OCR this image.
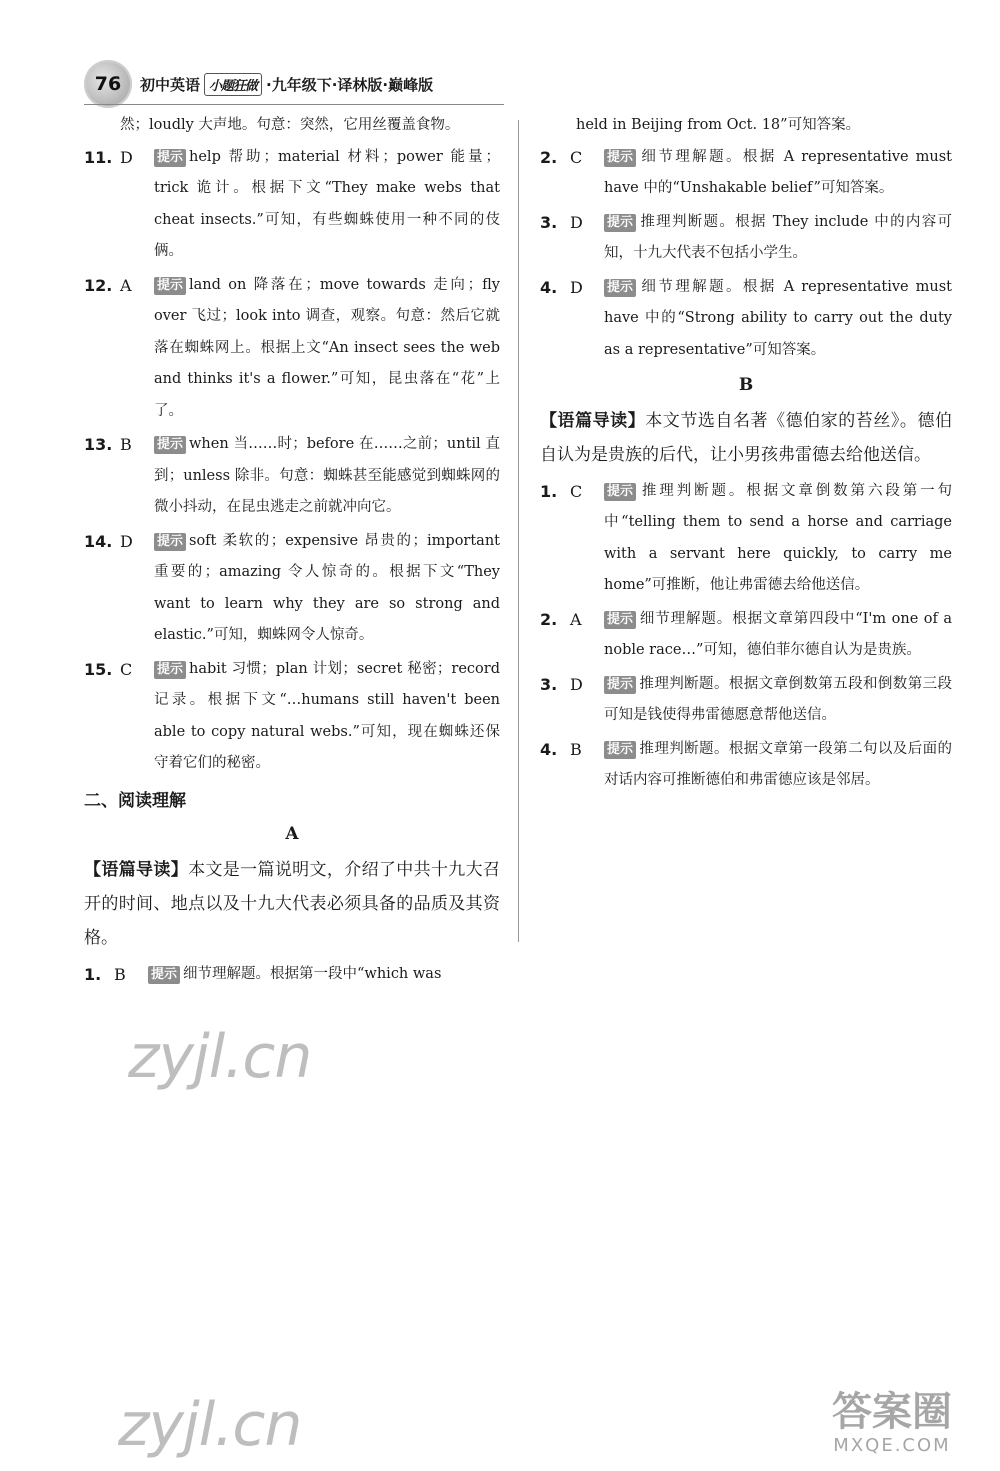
76	初中英语 小题狂做 ·九年级下·译林版·巅峰版

然；loudly 大声地。句意：突然，它用丝覆盖食物。

11. D	提示 help 帮助；material 材料；power 能量；trick 诡计。根据下文“They make webs that cheat insects.”可知，有些蜘蛛使用一种不同的伎俩。
12. A	提示 land on 降落在；move towards 走向；fly over 飞过；look into 调查，观察。句意：然后它就落在蜘蛛网上。根据上文“An insect sees the web and thinks it's a flower.”可知，昆虫落在“花”上了。
13. B	提示 when 当……时；before 在……之前；until 直到；unless 除非。句意：蜘蛛甚至能感觉到蜘蛛网的微小抖动，在昆虫逃走之前就冲向它。
14. D	提示 soft 柔软的；expensive 昂贵的；important 重要的；amazing 令人惊奇的。根据下文“They want to learn why they are so strong and elastic.”可知，蜘蛛网令人惊奇。
15. C	提示 habit 习惯；plan 计划；secret 秘密；record 记录。根据下文“…humans still haven't been able to copy natural webs.”可知，现在蜘蛛还保守着它们的秘密。
二、阅读理解
A

【语篇导读】本文是一篇说明文，介绍了中共十九大召开的时间、地点以及十九大代表必须具备的品质及其资格。

1. B	提示 细节理解题。根据第一段中“which was

held in Beijing from Oct. 18”可知答案。

2. C	提示 细节理解题。根据 A representative must have 中的“Unshakable belief”可知答案。
3. D	提示 推理判断题。根据 They include 中的内容可知，十九大代表不包括小学生。
4. D	提示 细节理解题。根据 A representative must have 中的“Strong ability to carry out the duty as a representative”可知答案。
B

【语篇导读】本文节选自名著《德伯家的苔丝》。德伯自认为是贵族的后代，让小男孩弗雷德去给他送信。

1. C	提示 推理判断题。根据文章倒数第六段第一句中“telling them to send a horse and carriage with a servant here quickly, to carry me home”可推断，他让弗雷德去给他送信。
2. A	提示 细节理解题。根据文章第四段中“I'm one of a noble race…”可知，德伯菲尔德自认为是贵族。
3. D	提示 推理判断题。根据文章倒数第五段和倒数第三段可知是钱使得弗雷德愿意帮他送信。
4. B	提示 推理判断题。根据文章第一段第二句以及后面的对话内容可推断德伯和弗雷德应该是邻居。
zyjl.cn
zyjl.cn	答案圈
MXQE.COM
